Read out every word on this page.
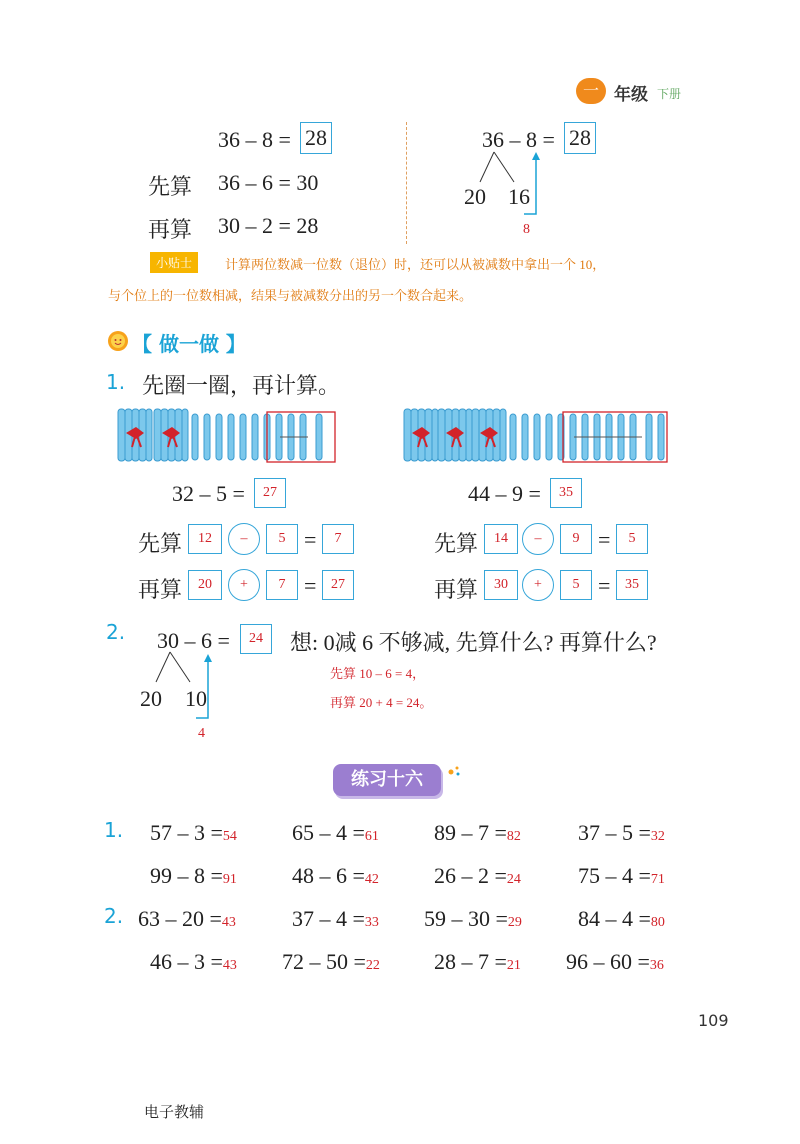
一 年级 下册
36 – 8 = 28
先算 36 – 6 = 30
再算 30 – 2 = 28
36 – 8 = 28
20 16
8
小贴士	计算两位数减一位数（退位）时，还可以从被减数中拿出一个 10，
与个位上的一位数相减，结果与被减数分出的另一个数合起来。
【 做一做 】
1. 先圈一圈，再计算。
32 – 5 =	27
先算	12	–	5 =	7
再算	20	+	7 =	27
44 – 9 =	35
先算	14	–	9 =	5
再算	30	+	5 =	35
2. 30 – 6 =	24
20 10
4
想: 0减 6 不够减, 先算什么? 再算什么?
先算 10 – 6 = 4，
再算 20 + 4 = 24。
练习十六
1.
2.
57 – 3 =54	65 – 4 =61	89 – 7 =82	37 – 5 =32
99 – 8 =91	48 – 6 =42	26 – 2 =24	75 – 4 =71
63 – 20 =43	37 – 4 =33 59 – 30 =29	84 – 4 =80
46 – 3 =43 72 – 50 =22 28 – 7 =21 96 – 60 =36
109
电子教辅
